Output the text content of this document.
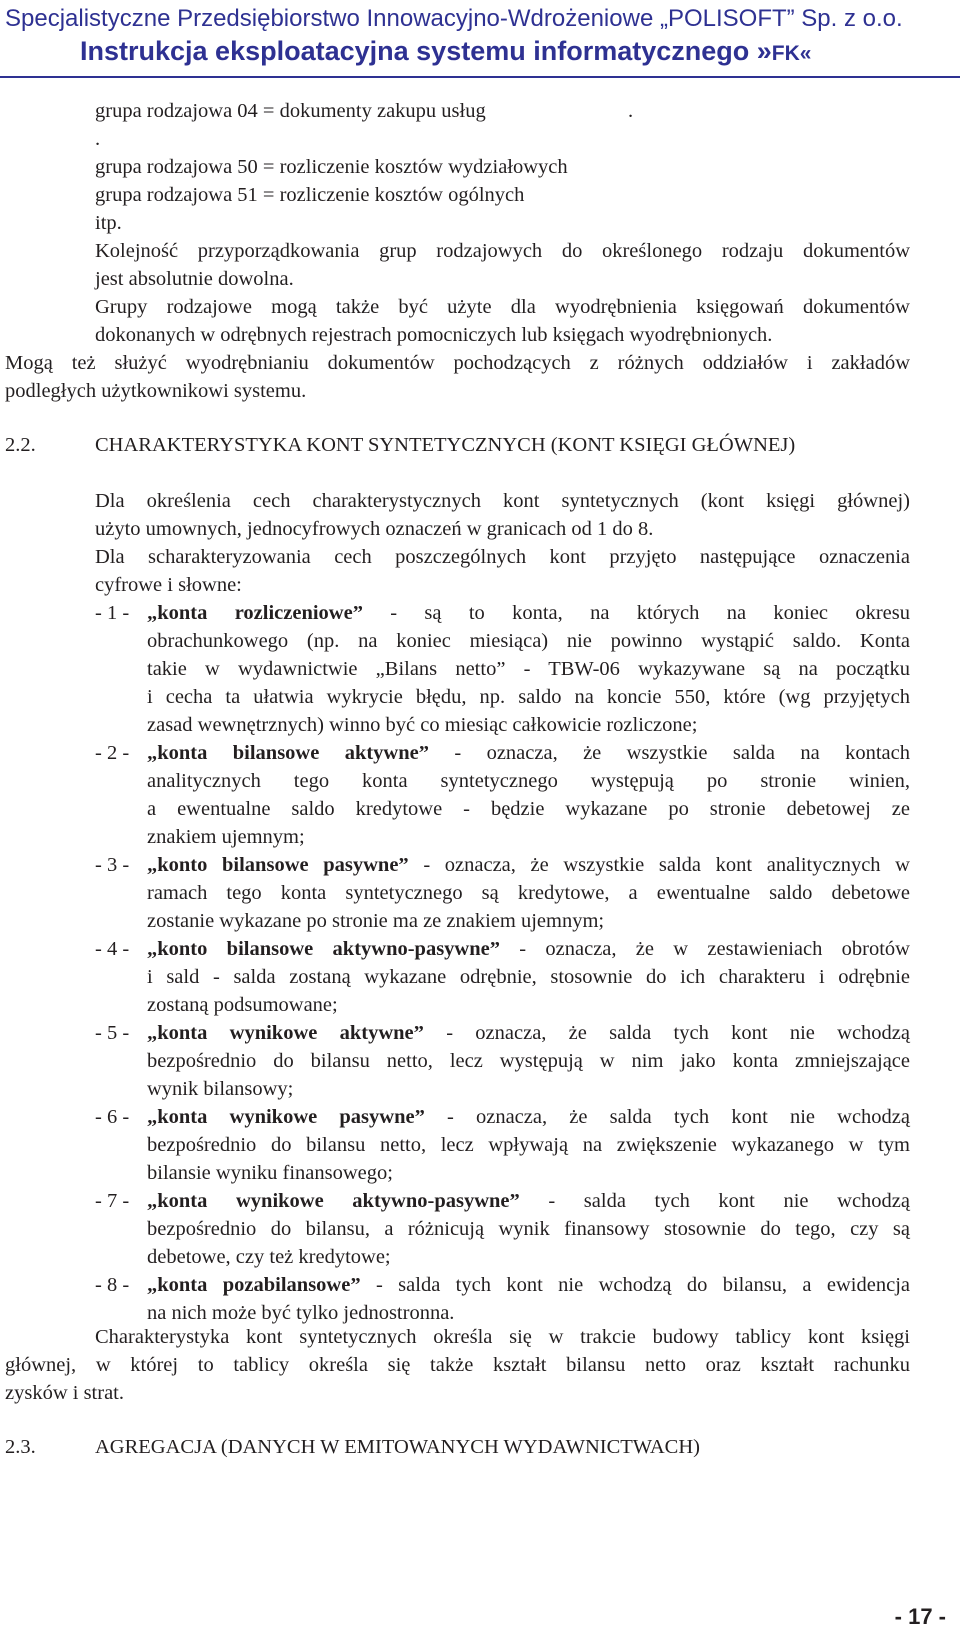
Specjalistyczne Przedsiębiorstwo Innowacyjno-Wdrożeniowe „POLISOFT” Sp. z o.o.
Instrukcja eksploatacyjna systemu informatycznego »FK«
grupa rodzajowa 04 = dokumenty zakupu usług	.
.
grupa rodzajowa 50 = rozliczenie kosztów wydziałowych
grupa rodzajowa 51 = rozliczenie kosztów ogólnych
itp.
Kolejność przyporządkowania grup rodzajowych do określonego rodzaju dokumentów
jest absolutnie dowolna.
Grupy rodzajowe mogą także być użyte dla wyodrębnienia księgowań dokumentów
dokonanych w odrębnych rejestrach pomocniczych lub księgach wyodrębnionych.
Mogą też służyć wyodrębnianiu dokumentów pochodzących z różnych oddziałów i zakładów
podległych użytkownikowi systemu.
2.2.	CHARAKTERYSTYKA KONT SYNTETYCZNYCH (KONT KSIĘGI GŁÓWNEJ)
Dla określenia cech charakterystycznych kont syntetycznych (kont księgi głównej)
użyto umownych, jednocyfrowych oznaczeń w granicach od 1 do 8.
Dla scharakteryzowania cech poszczególnych kont przyjęto następujące oznaczenia
cyfrowe i słowne:
- 1 - „konta rozliczeniowe” - są to konta, na których na koniec okresu
obrachunkowego (np. na koniec miesiąca) nie powinno wystąpić saldo. Konta
takie w wydawnictwie „Bilans netto” - TBW-06 wykazywane są na początku
i cecha ta ułatwia wykrycie błędu, np. saldo na koncie 550, które (wg przyjętych
zasad wewnętrznych) winno być co miesiąc całkowicie rozliczone;
- 2 - „konta bilansowe aktywne” - oznacza, że wszystkie salda na kontach
analitycznych tego konta syntetycznego występują po stronie winien,
a ewentualne saldo kredytowe - będzie wykazane po stronie debetowej ze
znakiem ujemnym;
- 3 - „konto bilansowe pasywne” - oznacza, że wszystkie salda kont analitycznych w
ramach tego konta syntetycznego są kredytowe, a ewentualne saldo debetowe
zostanie wykazane po stronie ma ze znakiem ujemnym;
- 4 - „konto bilansowe aktywno-pasywne” - oznacza, że w zestawieniach obrotów
i sald - salda zostaną wykazane odrębnie, stosownie do ich charakteru i odrębnie
zostaną podsumowane;
- 5 - „konta wynikowe aktywne” - oznacza, że salda tych kont nie wchodzą
bezpośrednio do bilansu netto, lecz występują w nim jako konta zmniejszające
wynik bilansowy;
- 6 - „konta wynikowe pasywne” - oznacza, że salda tych kont nie wchodzą
bezpośrednio do bilansu netto, lecz wpływają na zwiększenie wykazanego w tym
bilansie wyniku finansowego;
- 7 - „konta wynikowe aktywno-pasywne” - salda tych kont nie wchodzą
bezpośrednio do bilansu, a różnicują wynik finansowy stosownie do tego, czy są
debetowe, czy też kredytowe;
- 8 - „konta pozabilansowe” - salda tych kont nie wchodzą do bilansu, a ewidencja
na nich może być tylko jednostronna.
Charakterystyka kont syntetycznych określa się w trakcie budowy tablicy kont księgi
głównej, w której to tablicy określa się także kształt bilansu netto oraz kształt rachunku
zysków i strat.
2.3.	AGREGACJA (DANYCH W EMITOWANYCH WYDAWNICTWACH)
- 17 -
